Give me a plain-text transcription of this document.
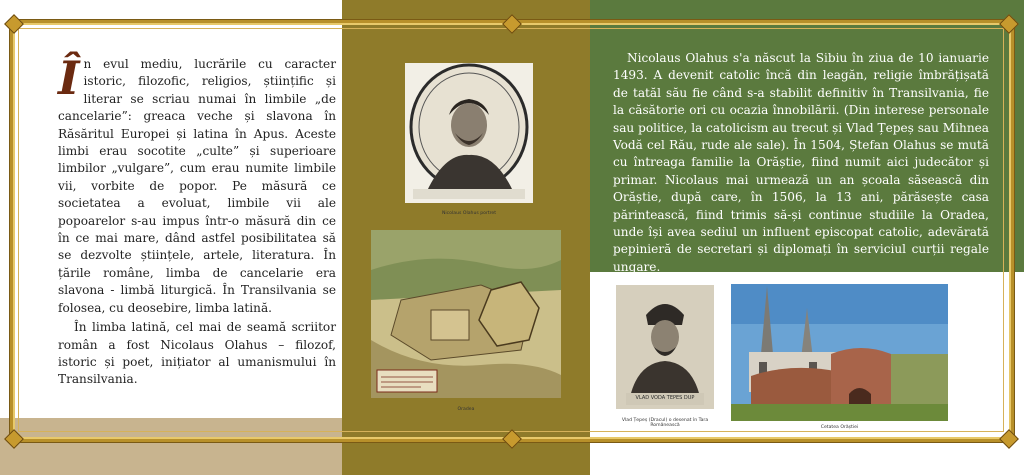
Î n evul mediu, lucrările cu caracter istoric, filozofic, religios, științific și literar se scriau numai în limbile „de cancelarie”: greaca veche și slavona în Răsăritul Europei și latina în Apus. Aceste limbi erau socotite „culte” și superioare limbilor „vulgare”, cum erau numite limbile vii, vorbite de popor. Pe măsură ce societatea a evoluat, limbile vii ale popoarelor s-au impus într-o măsură din ce în ce mai mare, dând astfel posibilitatea să se dezvolte științele, artele, literatura. În țările române, limba de cancelarie era slavona - limbă liturgică. În Transilvania se folosea, cu deosebire, limba latină.
În limba latină, cel mai de seamă scriitor român a fost Nicolaus Olahus – filozof, istoric și poet, inițiator al umanismului în Transilvania.
Nicolaus Olahus portret
Oradea
Nicolaus Olahus s'a născut la Sibiu în ziua de 10 ianuarie 1493. A devenit catolic încă din leagăn, religie îmbrățișată de tatăl său fie când s-a stabilit definitiv în Transilvania, fie la căsătorie ori cu ocazia înnobilării. (Din interese personale sau politice, la catolicism au trecut și Vlad Țepeș sau Mihnea Vodă cel Rău, rude ale sale). În 1504, Ștefan Olahus se mută cu întreaga familie la Orăștie, fiind numit aici judecător și primar. Nicolaus mai urmează un an școala săsească din Orăștie, după care, în 1506, la 13 ani, părăsește casa părintească, fiind trimis să-și continue studiile la Oradea, unde își avea sediul un influent episcopat catolic, adevărată pepinieră de secretari și diplomați în serviciul curții regale ungare.
VLAD VODA TEPES DUP
Vlad Țepeș (Dracul) o desenat în Tara Românească	Cetatea Orăștiei
